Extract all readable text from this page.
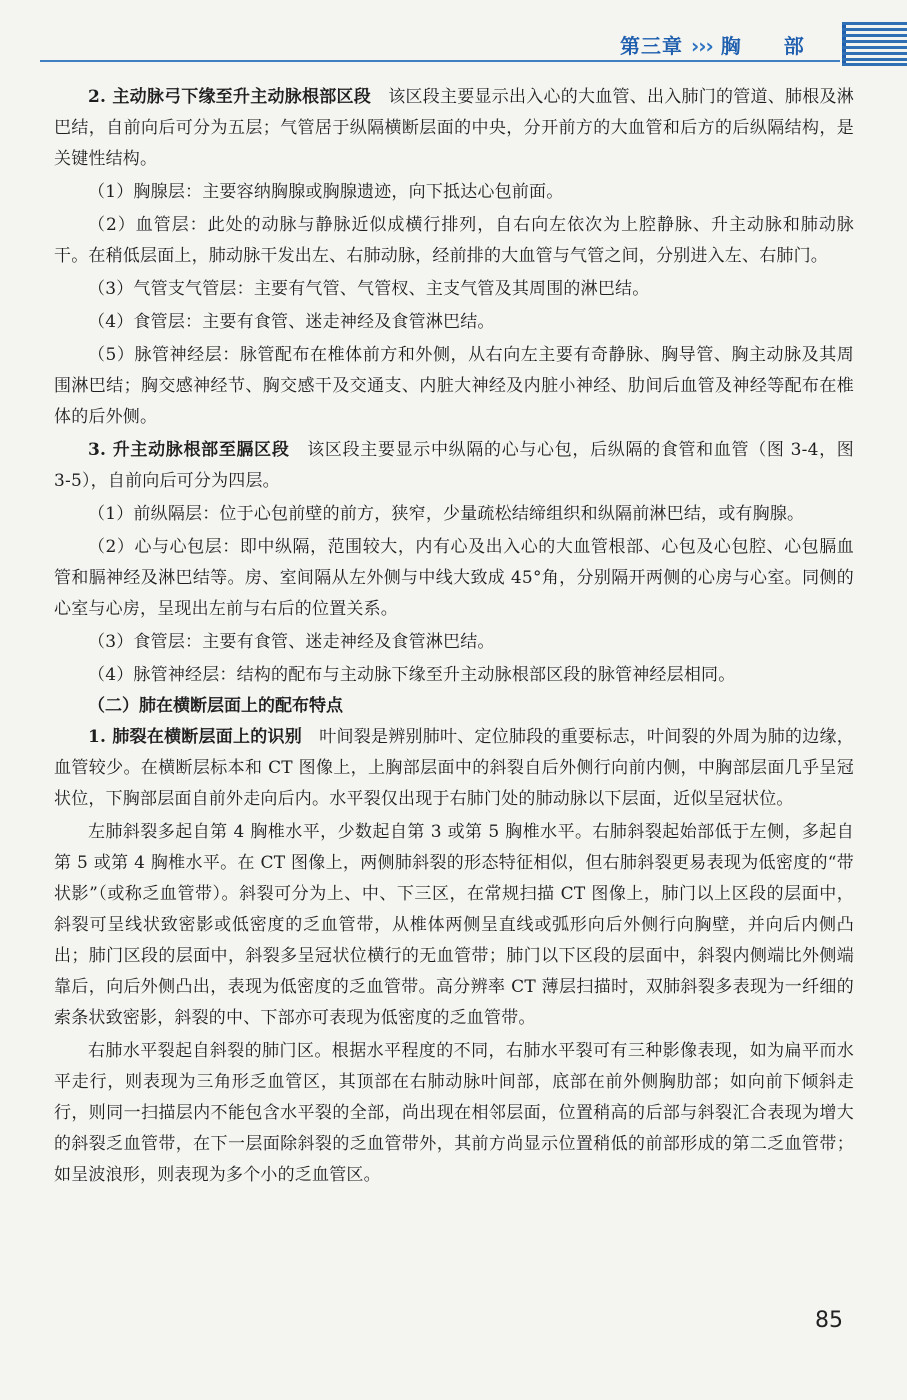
第三章 ››› 胸 部

2. 主动脉弓下缘至升主动脉根部区段　该区段主要显示出入心的大血管、出入肺门的管道、肺根及淋巴结，自前向后可分为五层；气管居于纵隔横断层面的中央，分开前方的大血管和后方的后纵隔结构，是关键性结构。

（1）胸腺层：主要容纳胸腺或胸腺遗迹，向下抵达心包前面。

（2）血管层：此处的动脉与静脉近似成横行排列，自右向左依次为上腔静脉、升主动脉和肺动脉干。在稍低层面上，肺动脉干发出左、右肺动脉，经前排的大血管与气管之间，分别进入左、右肺门。

（3）气管支气管层：主要有气管、气管杈、主支气管及其周围的淋巴结。

（4）食管层：主要有食管、迷走神经及食管淋巴结。

（5）脉管神经层：脉管配布在椎体前方和外侧，从右向左主要有奇静脉、胸导管、胸主动脉及其周围淋巴结；胸交感神经节、胸交感干及交通支、内脏大神经及内脏小神经、肋间后血管及神经等配布在椎体的后外侧。

3. 升主动脉根部至膈区段　该区段主要显示中纵隔的心与心包，后纵隔的食管和血管（图 3-4，图 3-5），自前向后可分为四层。

（1）前纵隔层：位于心包前壁的前方，狭窄，少量疏松结缔组织和纵隔前淋巴结，或有胸腺。

（2）心与心包层：即中纵隔，范围较大，内有心及出入心的大血管根部、心包及心包腔、心包膈血管和膈神经及淋巴结等。房、室间隔从左外侧与中线大致成 45°角，分别隔开两侧的心房与心室。同侧的心室与心房，呈现出左前与右后的位置关系。

（3）食管层：主要有食管、迷走神经及食管淋巴结。

（4）脉管神经层：结构的配布与主动脉下缘至升主动脉根部区段的脉管神经层相同。

（二）肺在横断层面上的配布特点

1. 肺裂在横断层面上的识别　叶间裂是辨别肺叶、定位肺段的重要标志，叶间裂的外周为肺的边缘，血管较少。在横断层标本和 CT 图像上，上胸部层面中的斜裂自后外侧行向前内侧，中胸部层面几乎呈冠状位，下胸部层面自前外走向后内。水平裂仅出现于右肺门处的肺动脉以下层面，近似呈冠状位。

左肺斜裂多起自第 4 胸椎水平，少数起自第 3 或第 5 胸椎水平。右肺斜裂起始部低于左侧，多起自第 5 或第 4 胸椎水平。在 CT 图像上，两侧肺斜裂的形态特征相似，但右肺斜裂更易表现为低密度的“带状影”（或称乏血管带）。斜裂可分为上、中、下三区，在常规扫描 CT 图像上，肺门以上区段的层面中，斜裂可呈线状致密影或低密度的乏血管带，从椎体两侧呈直线或弧形向后外侧行向胸壁，并向后内侧凸出；肺门区段的层面中，斜裂多呈冠状位横行的无血管带；肺门以下区段的层面中，斜裂内侧端比外侧端靠后，向后外侧凸出，表现为低密度的乏血管带。高分辨率 CT 薄层扫描时，双肺斜裂多表现为一纤细的索条状致密影，斜裂的中、下部亦可表现为低密度的乏血管带。

右肺水平裂起自斜裂的肺门区。根据水平程度的不同，右肺水平裂可有三种影像表现，如为扁平而水平走行，则表现为三角形乏血管区，其顶部在右肺动脉叶间部，底部在前外侧胸肋部；如向前下倾斜走行，则同一扫描层内不能包含水平裂的全部，尚出现在相邻层面，位置稍高的后部与斜裂汇合表现为增大的斜裂乏血管带，在下一层面除斜裂的乏血管带外，其前方尚显示位置稍低的前部形成的第二乏血管带；如呈波浪形，则表现为多个小的乏血管区。

85
